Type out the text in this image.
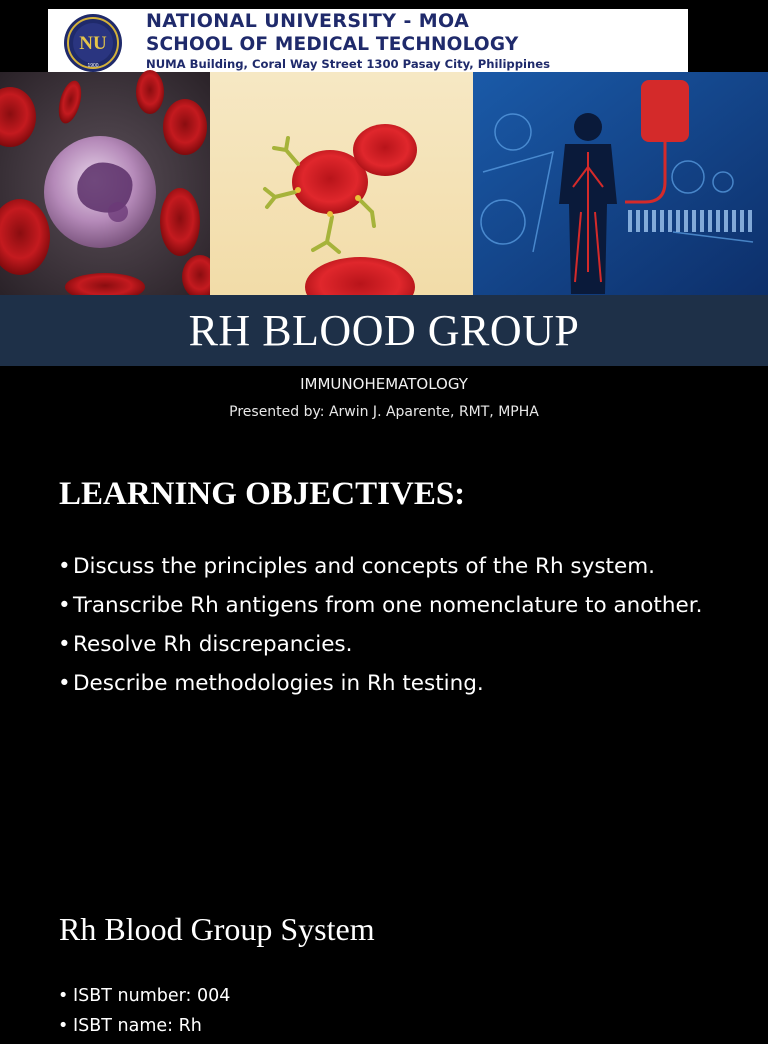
NU
1900
NATIONAL UNIVERSITY - MOA
SCHOOL OF MEDICAL TECHNOLOGY
NUMA Building, Coral Way Street 1300 Pasay City, Philippines
RH BLOOD GROUP
IMMUNOHEMATOLOGY
Presented by: Arwin J. Aparente, RMT, MPHA
LEARNING OBJECTIVES:
• Discuss the principles and concepts of the Rh system.
• Transcribe Rh antigens from one nomenclature to another.
• Resolve Rh discrepancies.
• Describe methodologies in Rh testing.
Rh Blood Group System
• ISBT number: 004
• ISBT name: Rh
